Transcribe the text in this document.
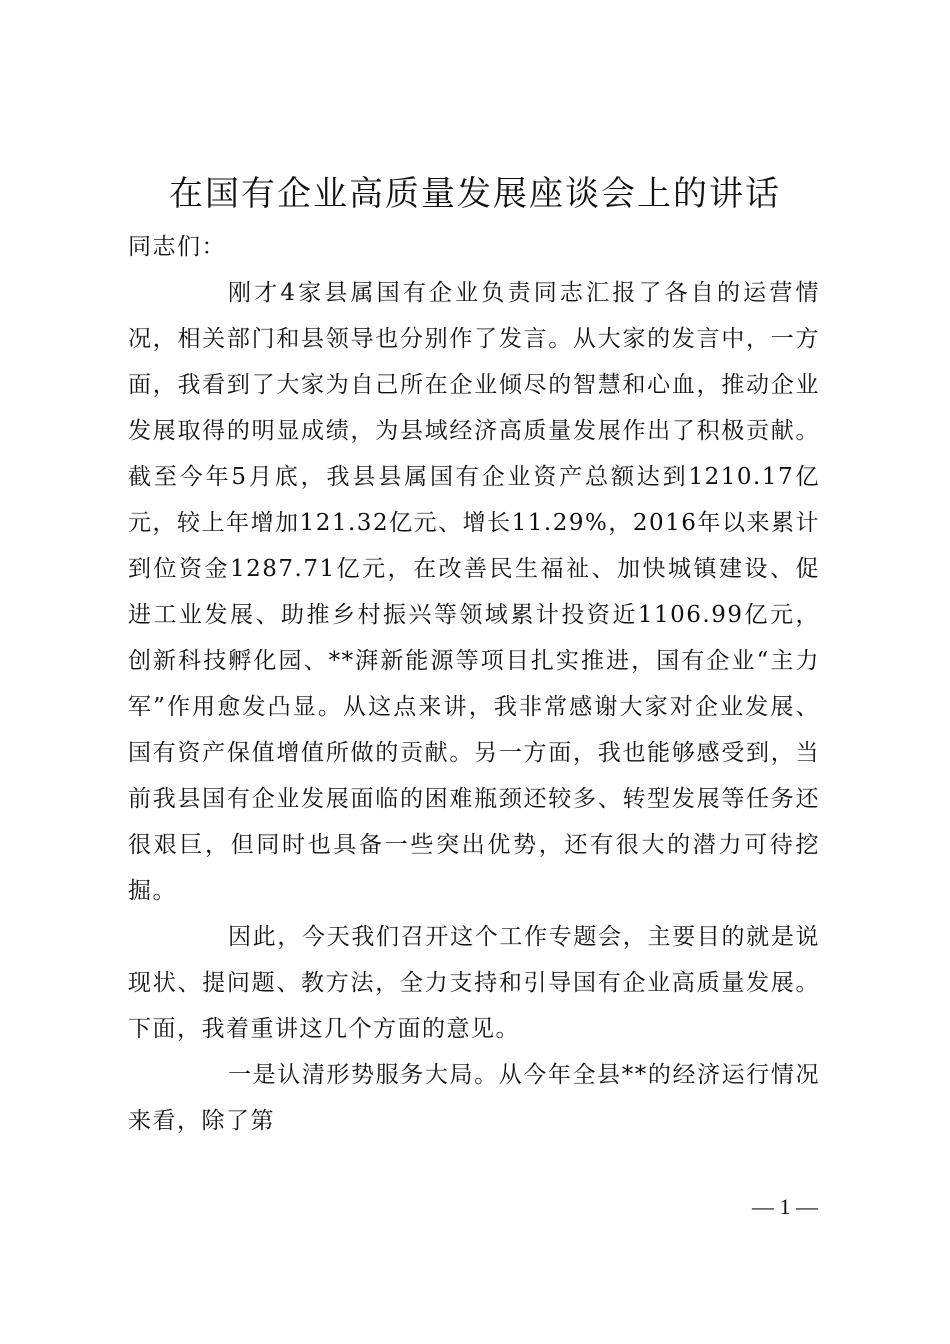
在国有企业高质量发展座谈会上的讲话

同志们：

刚才4家县属国有企业负责同志汇报了各自的运营情况，相关部门和县领导也分别作了发言。从大家的发言中，一方面，我看到了大家为自己所在企业倾尽的智慧和心血，推动企业发展取得的明显成绩，为县域经济高质量发展作出了积极贡献。截至今年5月底，我县县属国有企业资产总额达到1210.17亿元，较上年增加121.32亿元、增长11.29%，2016年以来累计到位资金1287.71亿元，在改善民生福祉、加快城镇建设、促进工业发展、助推乡村振兴等领域累计投资近1106.99亿元，创新科技孵化园、**湃新能源等项目扎实推进，国有企业“主力军”作用愈发凸显。从这点来讲，我非常感谢大家对企业发展、国有资产保值增值所做的贡献。另一方面，我也能够感受到，当前我县国有企业发展面临的困难瓶颈还较多、转型发展等任务还很艰巨，但同时也具备一些突出优势，还有很大的潜力可待挖掘。

因此，今天我们召开这个工作专题会，主要目的就是说现状、提问题、教方法，全力支持和引导国有企业高质量发展。下面，我着重讲这几个方面的意见。

一是认清形势服务大局。从今年全县**的经济运行情况来看，除了第

— 1 —
